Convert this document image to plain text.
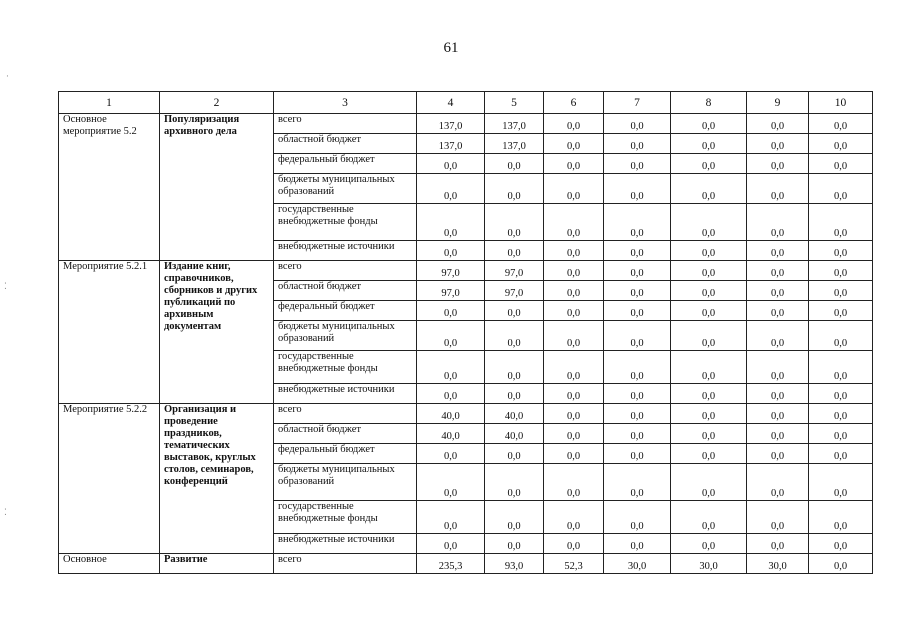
61
·
⁚
⁚
1	2	3	4	5	6	7	8	9	10
Основное мероприятие 5.2	Популяризация архивного дела	всего	137,0	137,0	0,0	0,0	0,0	0,0	0,0
		областной бюджет	137,0	137,0	0,0	0,0	0,0	0,0	0,0
		федеральный бюджет	0,0	0,0	0,0	0,0	0,0	0,0	0,0
		бюджеты муниципальных образований	0,0	0,0	0,0	0,0	0,0	0,0	0,0
		государственные внебюджетные фонды	0,0	0,0	0,0	0,0	0,0	0,0	0,0
		внебюджетные источники	0,0	0,0	0,0	0,0	0,0	0,0	0,0
Мероприятие 5.2.1	Издание книг, справочников, сборников и других публикаций по архивным документам	всего	97,0	97,0	0,0	0,0	0,0	0,0	0,0
		областной бюджет	97,0	97,0	0,0	0,0	0,0	0,0	0,0
		федеральный бюджет	0,0	0,0	0,0	0,0	0,0	0,0	0,0
		бюджеты муниципальных образований	0,0	0,0	0,0	0,0	0,0	0,0	0,0
		государственные внебюджетные фонды	0,0	0,0	0,0	0,0	0,0	0,0	0,0
		внебюджетные источники	0,0	0,0	0,0	0,0	0,0	0,0	0,0
Мероприятие 5.2.2	Организация и проведение праздников, тематических выставок, круглых столов, семинаров, конференций	всего	40,0	40,0	0,0	0,0	0,0	0,0	0,0
		областной бюджет	40,0	40,0	0,0	0,0	0,0	0,0	0,0
		федеральный бюджет	0,0	0,0	0,0	0,0	0,0	0,0	0,0
		бюджеты муниципальных образований	0,0	0,0	0,0	0,0	0,0	0,0	0,0
		государственные внебюджетные фонды	0,0	0,0	0,0	0,0	0,0	0,0	0,0
		внебюджетные источники	0,0	0,0	0,0	0,0	0,0	0,0	0,0
Основное	Развитие	всего	235,3	93,0	52,3	30,0	30,0	30,0	0,0
